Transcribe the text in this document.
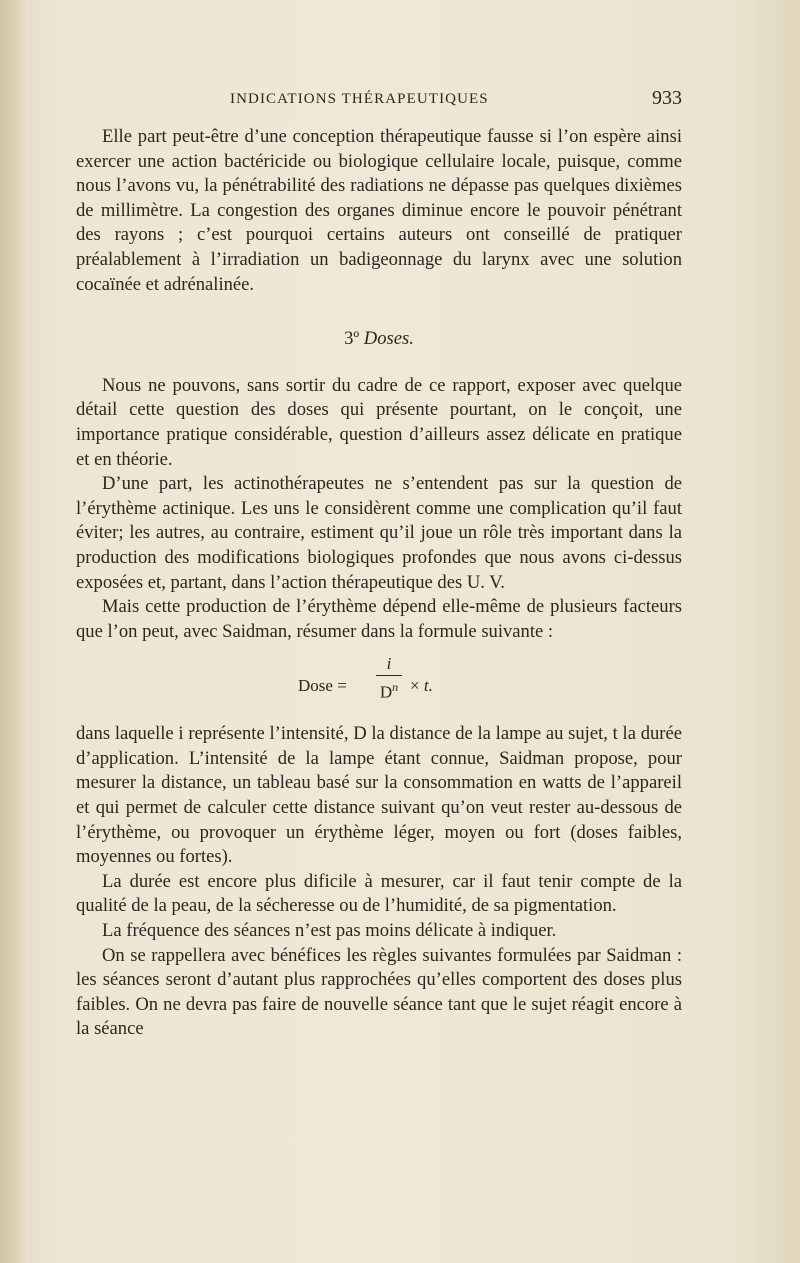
INDICATIONS THÉRAPEUTIQUES	933

Elle part peut-être d’une conception thérapeutique fausse si l’on espère ainsi exercer une action bactéricide ou biologique cellulaire locale, puisque, comme nous l’avons vu, la pénétrabilité des radiations ne dépasse pas quelques dixièmes de millimètre. La congestion des organes diminue encore le pouvoir pénétrant des rayons ; c’est pourquoi certains auteurs ont conseillé de pratiquer préalablement à l’irradiation un badigeonnage du larynx avec une solution cocaïnée et adrénalinée.

3º Doses.

Nous ne pouvons, sans sortir du cadre de ce rapport, exposer avec quelque détail cette question des doses qui présente pourtant, on le conçoit, une importance pratique considérable, question d’ailleurs assez délicate en pratique et en théorie.

D’une part, les actinothérapeutes ne s’entendent pas sur la question de l’érythème actinique. Les uns le considèrent comme une complication qu’il faut éviter; les autres, au contraire, estiment qu’il joue un rôle très important dans la production des modifications biologiques profondes que nous avons ci-dessus exposées et, partant, dans l’action thérapeutique des U. V.

Mais cette production de l’érythème dépend elle-même de plusieurs facteurs que l’on peut, avec Saidman, résumer dans la formule suivante :

Dose =
i
$D^n \times t$.

dans laquelle i représente l’intensité, D la distance de la lampe au sujet, t la durée d’application. L’intensité de la lampe étant connue, Saidman propose, pour mesurer la distance, un tableau basé sur la consommation en watts de l’appareil et qui permet de calculer cette distance suivant qu’on veut rester au-dessous de l’érythème, ou provoquer un érythème léger, moyen ou fort (doses faibles, moyennes ou fortes).

La durée est encore plus dificile à mesurer, car il faut tenir compte de la qualité de la peau, de la sécheresse ou de l’humidité, de sa pigmentation.

La fréquence des séances n’est pas moins délicate à indiquer.

On se rappellera avec bénéfices les règles suivantes formulées par Saidman : les séances seront d’autant plus rapprochées qu’elles comportent des doses plus faibles. On ne devra pas faire de nouvelle séance tant que le sujet réagit encore à la séance
